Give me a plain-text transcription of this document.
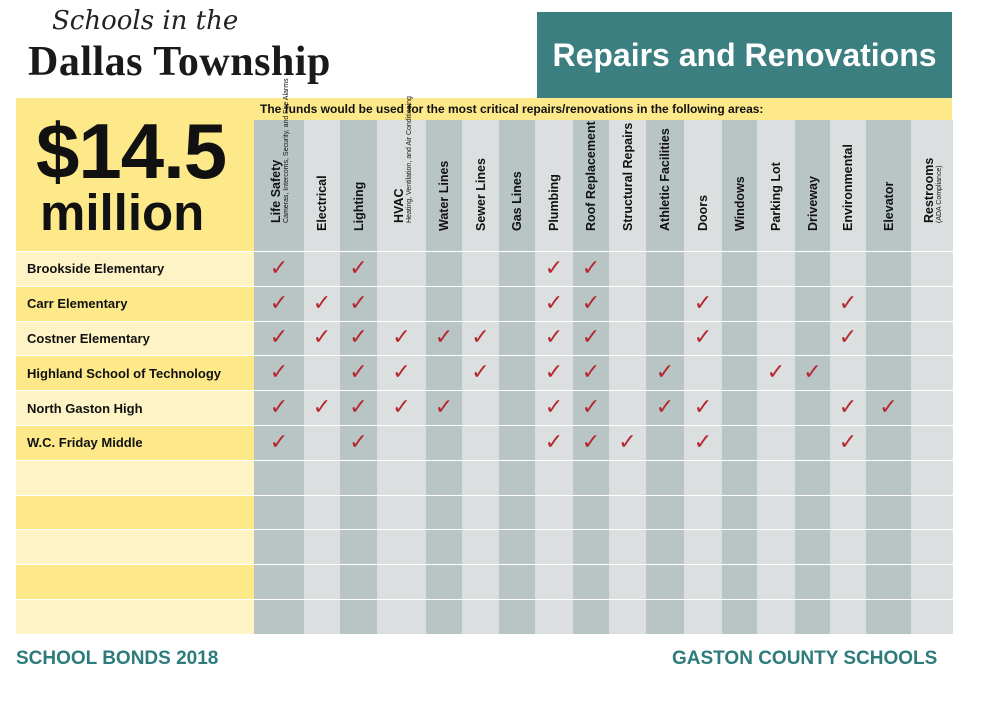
Schools in the
Dallas Township	Repairs and Renovations
$14.5
million
The funds would be used for the most critical repairs/renovations in the following areas:
Brookside Elementary
Carr Elementary
Costner Elementary
Highland School of Technology
North Gaston High
W.C. Friday Middle
Life Safety Cameras, Intercoms, Security, and Fire Alarms
✓
✓
✓
✓
✓
✓
Electrical
✓
✓
✓
Lighting
✓
✓
✓
✓
✓
✓
HVAC Heating, Ventilation, and Air Conditioning
✓
✓
✓
Water Lines
✓
✓
Sewer Lines
✓
✓
Gas Lines Plumbing
✓
✓
✓
✓
✓
✓
Roof Replacement
✓
✓
✓
✓
✓
✓
Structural Repairs
✓
Athletic Facilities
✓
✓
Doors
✓
✓
✓
✓
Windows Parking Lot
✓
Driveway
✓
Environmental
✓
✓
✓
✓
Elevator
✓
Restrooms (ADA Compliance)
SCHOOL BONDS 2018	GASTON COUNTY SCHOOLS
